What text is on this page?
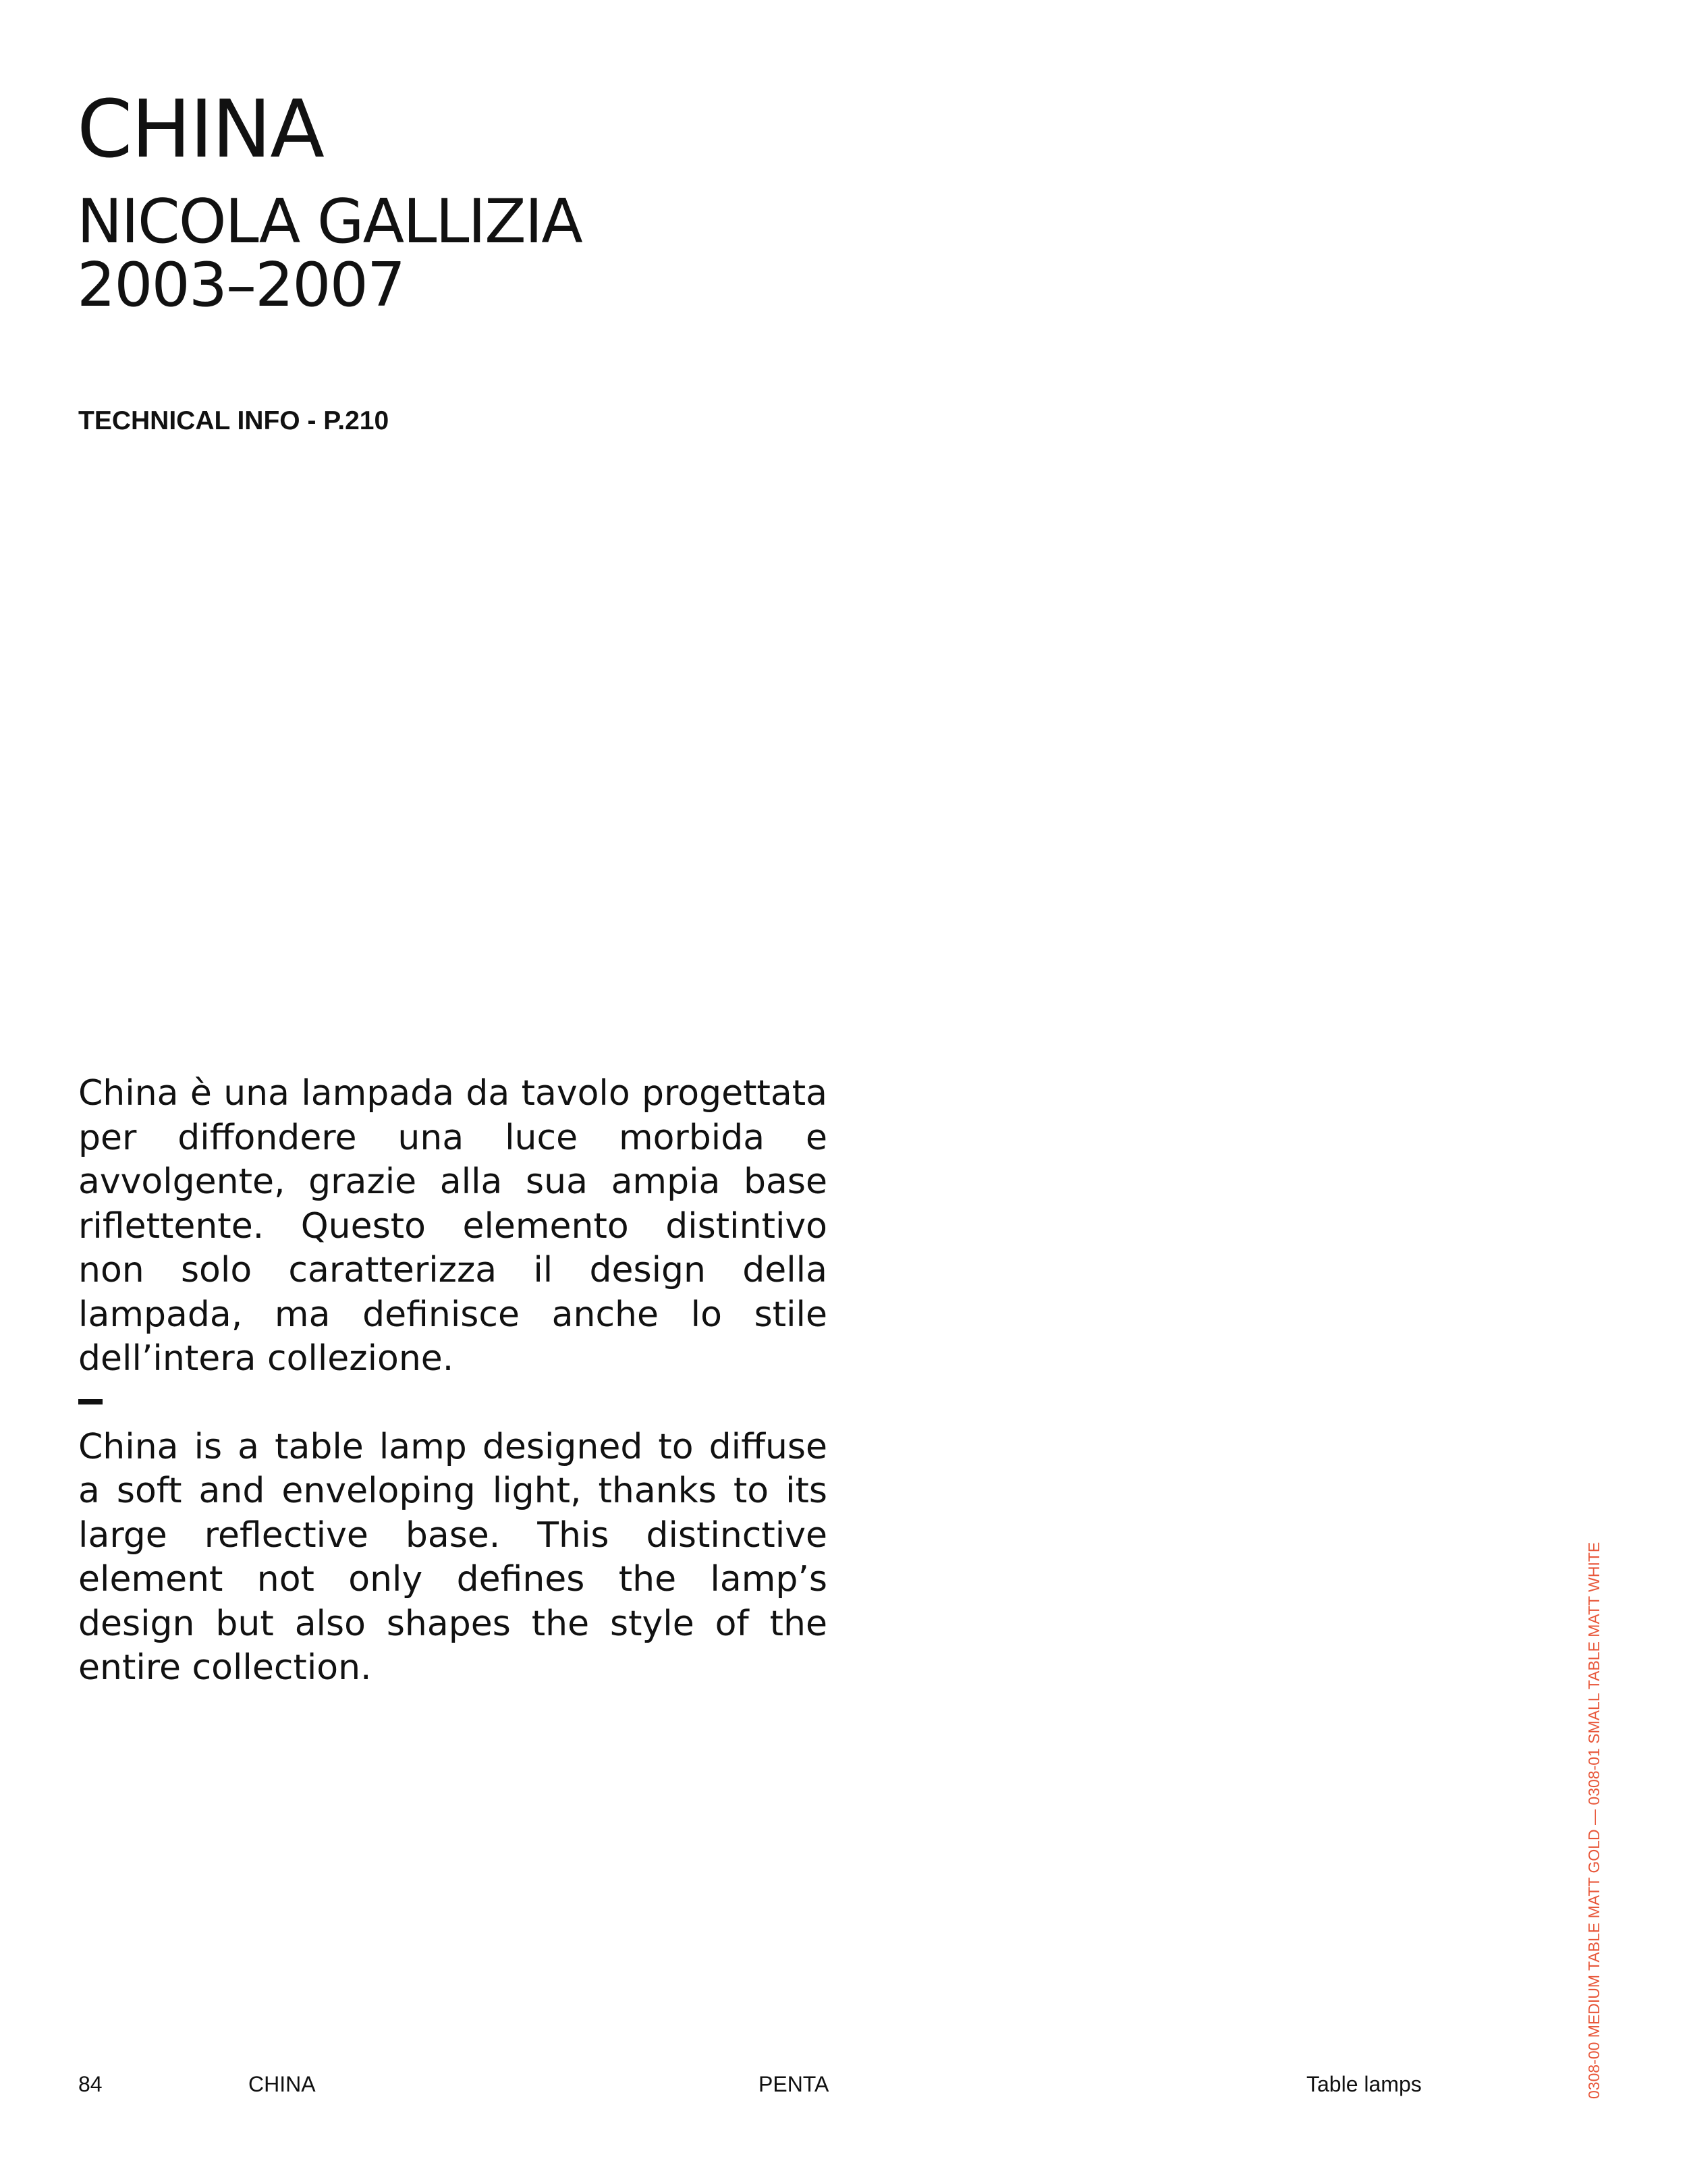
CHINA
NICOLA GALLIZIA
2003–2007
TECHNICAL INFO - P.210

China è una lampada da tavolo progettata per diffondere una luce morbida e avvolgente, grazie alla sua ampia base riflettente. Questo elemento distintivo non solo caratterizza il design della lampada, ma definisce anche lo stile dell’intera collezione.

China is a table lamp designed to diffuse a soft and enveloping light, thanks to its large reflective base. This distinctive element not only defines the lamp’s design but also shapes the style of the entire collection.

84	CHINA	PENTA	Table lamps	0308-00 MEDIUM TABLE MATT GOLD — 0308-01 SMALL TABLE MATT WHITE
